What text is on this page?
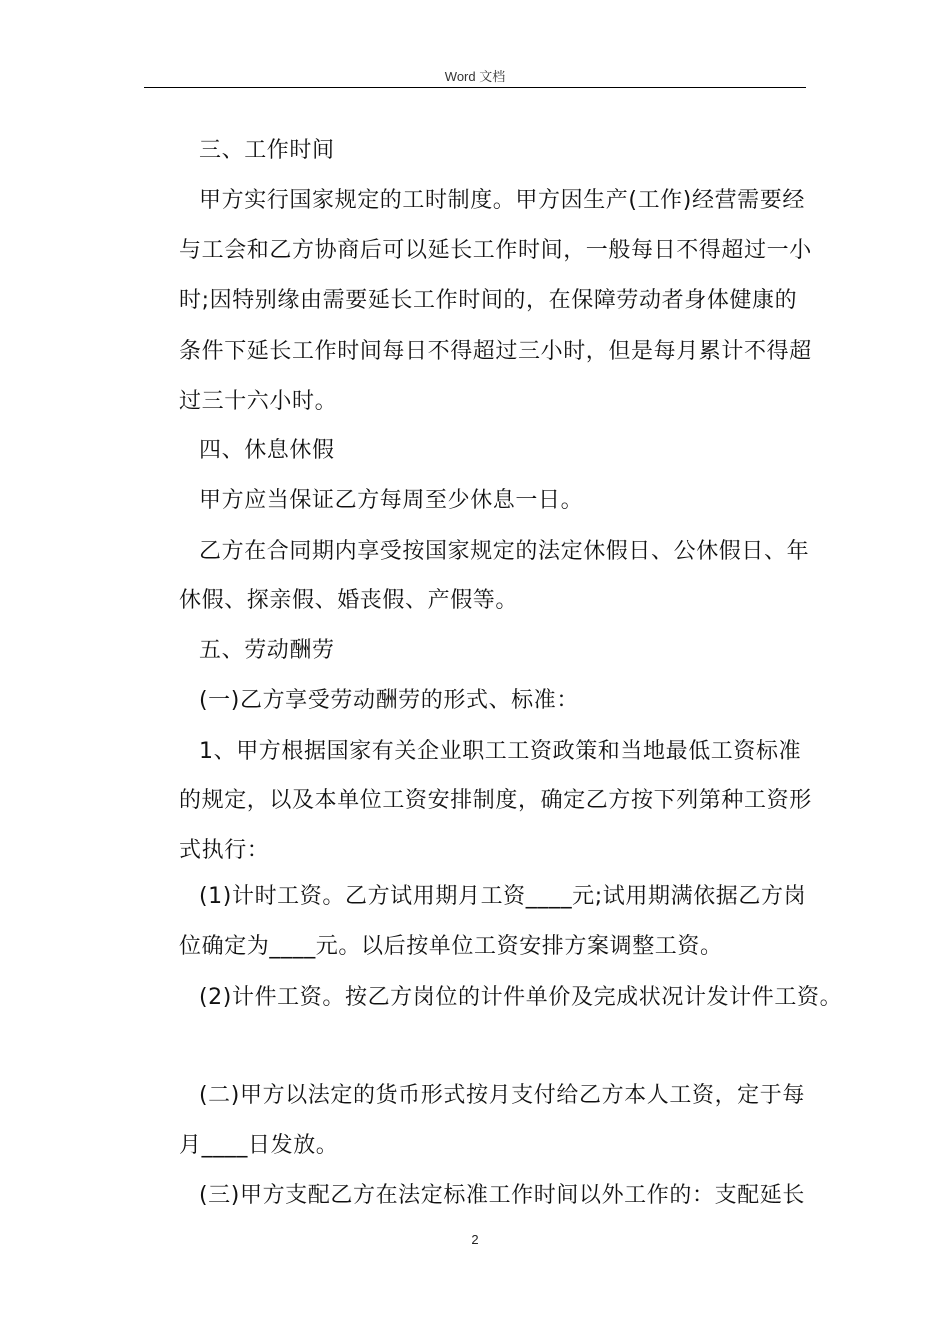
Word 文档
三、工作时间
甲方实行国家规定的工时制度。甲方因生产(工作)经营需要经
与工会和乙方协商后可以延长工作时间，一般每日不得超过一小
时;因特别缘由需要延长工作时间的，在保障劳动者身体健康的
条件下延长工作时间每日不得超过三小时，但是每月累计不得超
过三十六小时。
四、休息休假
甲方应当保证乙方每周至少休息一日。
乙方在合同期内享受按国家规定的法定休假日、公休假日、年
休假、探亲假、婚丧假、产假等。
五、劳动酬劳
(一)乙方享受劳动酬劳的形式、标准：
1、甲方根据国家有关企业职工工资政策和当地最低工资标准
的规定，以及本单位工资安排制度，确定乙方按下列第种工资形
式执行：
(1)计时工资。乙方试用期月工资____元;试用期满依据乙方岗
位确定为____元。以后按单位工资安排方案调整工资。
(2)计件工资。按乙方岗位的计件单价及完成状况计发计件工资。
(二)甲方以法定的货币形式按月支付给乙方本人工资，定于每
月____日发放。
(三)甲方支配乙方在法定标准工作时间以外工作的：支配延长
2
